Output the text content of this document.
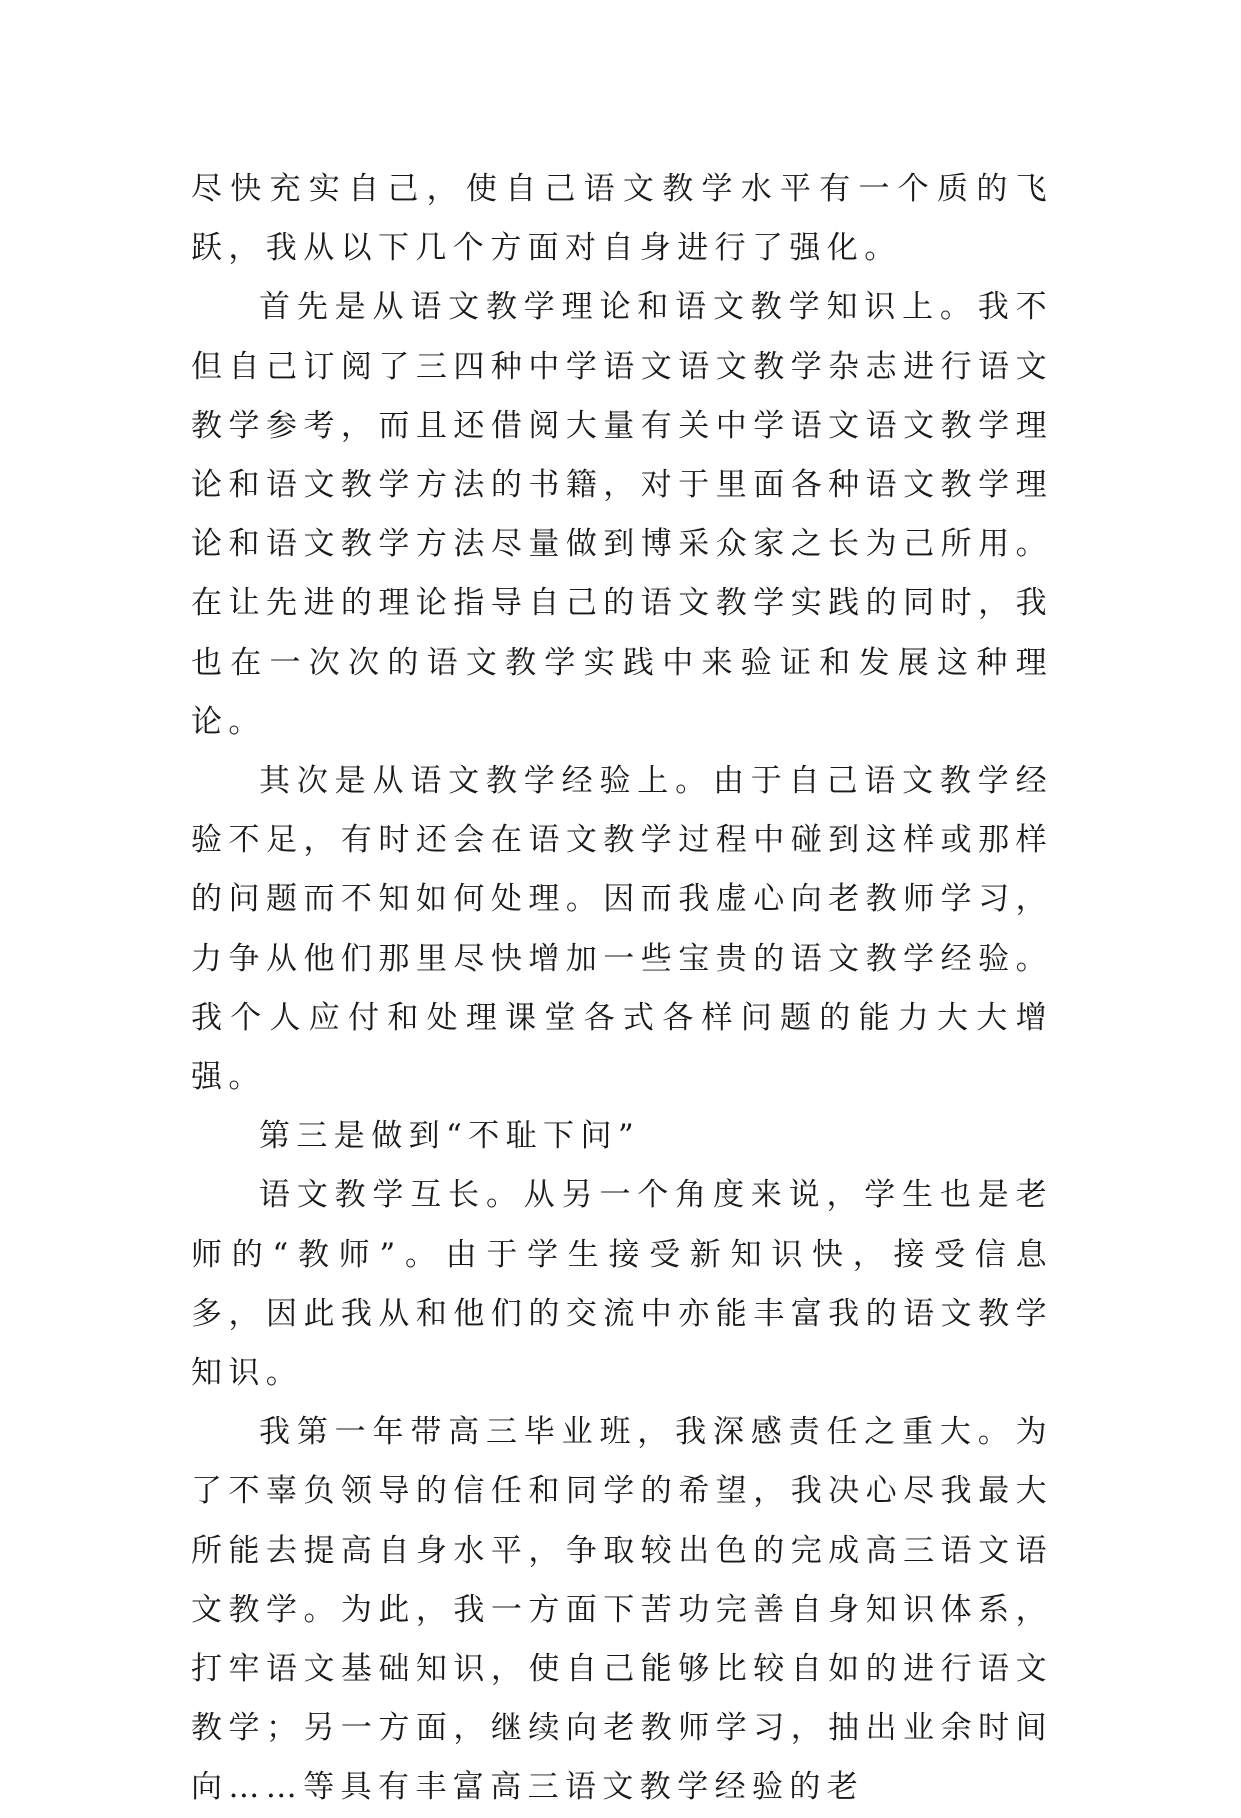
尽快充实自己，使自己语文教学水平有一个质的飞跃，我从以下几个方面对自身进行了强化。

首先是从语文教学理论和语文教学知识上。我不但自己订阅了三四种中学语文语文教学杂志进行语文教学参考，而且还借阅大量有关中学语文语文教学理论和语文教学方法的书籍，对于里面各种语文教学理论和语文教学方法尽量做到博采众家之长为己所用。在让先进的理论指导自己的语文教学实践的同时，我也在一次次的语文教学实践中来验证和发展这种理论。

其次是从语文教学经验上。由于自己语文教学经验不足，有时还会在语文教学过程中碰到这样或那样的问题而不知如何处理。因而我虚心向老教师学习，力争从他们那里尽快增加一些宝贵的语文教学经验。我个人应付和处理课堂各式各样问题的能力大大增强。

第三是做到“不耻下问”

语文教学互长。从另一个角度来说，学生也是老师的“教师”。由于学生接受新知识快，接受信息多，因此我从和他们的交流中亦能丰富我的语文教学知识。

我第一年带高三毕业班，我深感责任之重大。为了不辜负领导的信任和同学的希望，我决心尽我最大所能去提高自身水平，争取较出色的完成高三语文语文教学。为此，我一方面下苦功完善自身知识体系，打牢语文基础知识，使自己能够比较自如的进行语文教学；另一方面，继续向老教师学习，抽出业余时间向……等具有丰富高三语文教学经验的老
